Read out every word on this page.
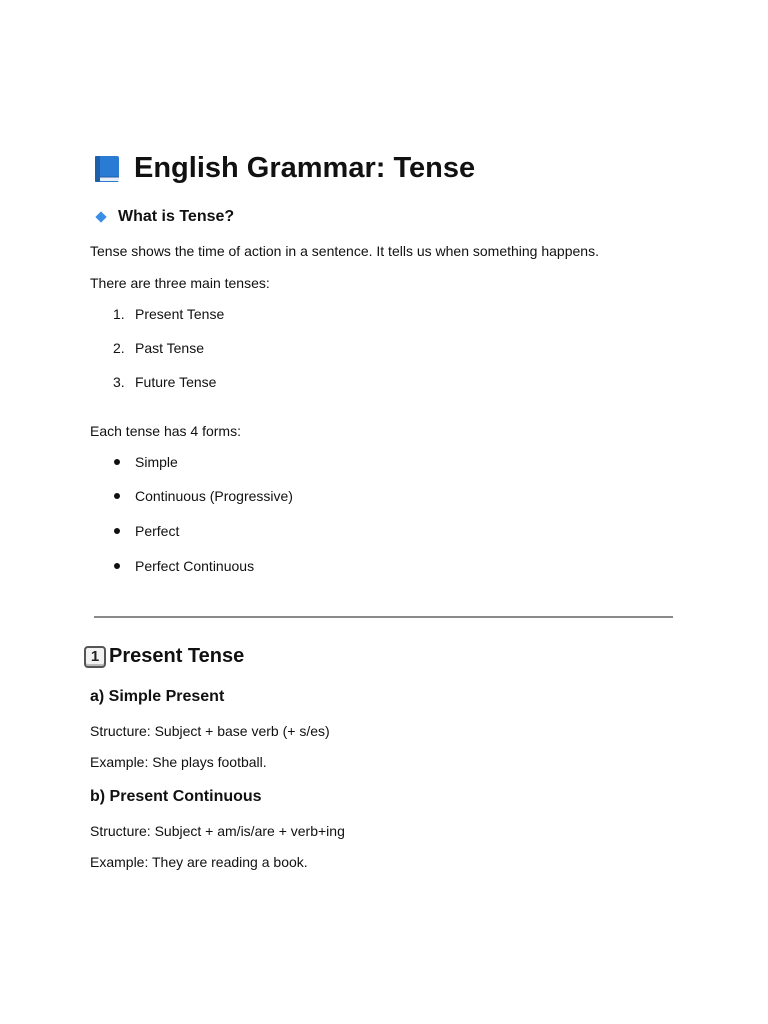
English Grammar: Tense
What is Tense?

Tense shows the time of action in a sentence. It tells us when something happens.

There are three main tenses:

1. Present Tense
2. Past Tense
3. Future Tense

Each tense has 4 forms:

Simple
Continuous (Progressive)
Perfect
Perfect Continuous
1 Present Tense
a) Simple Present

Structure: Subject + base verb (+ s/es)

Example: She plays football.

b) Present Continuous

Structure: Subject + am/is/are + verb+ing

Example: They are reading a book.
